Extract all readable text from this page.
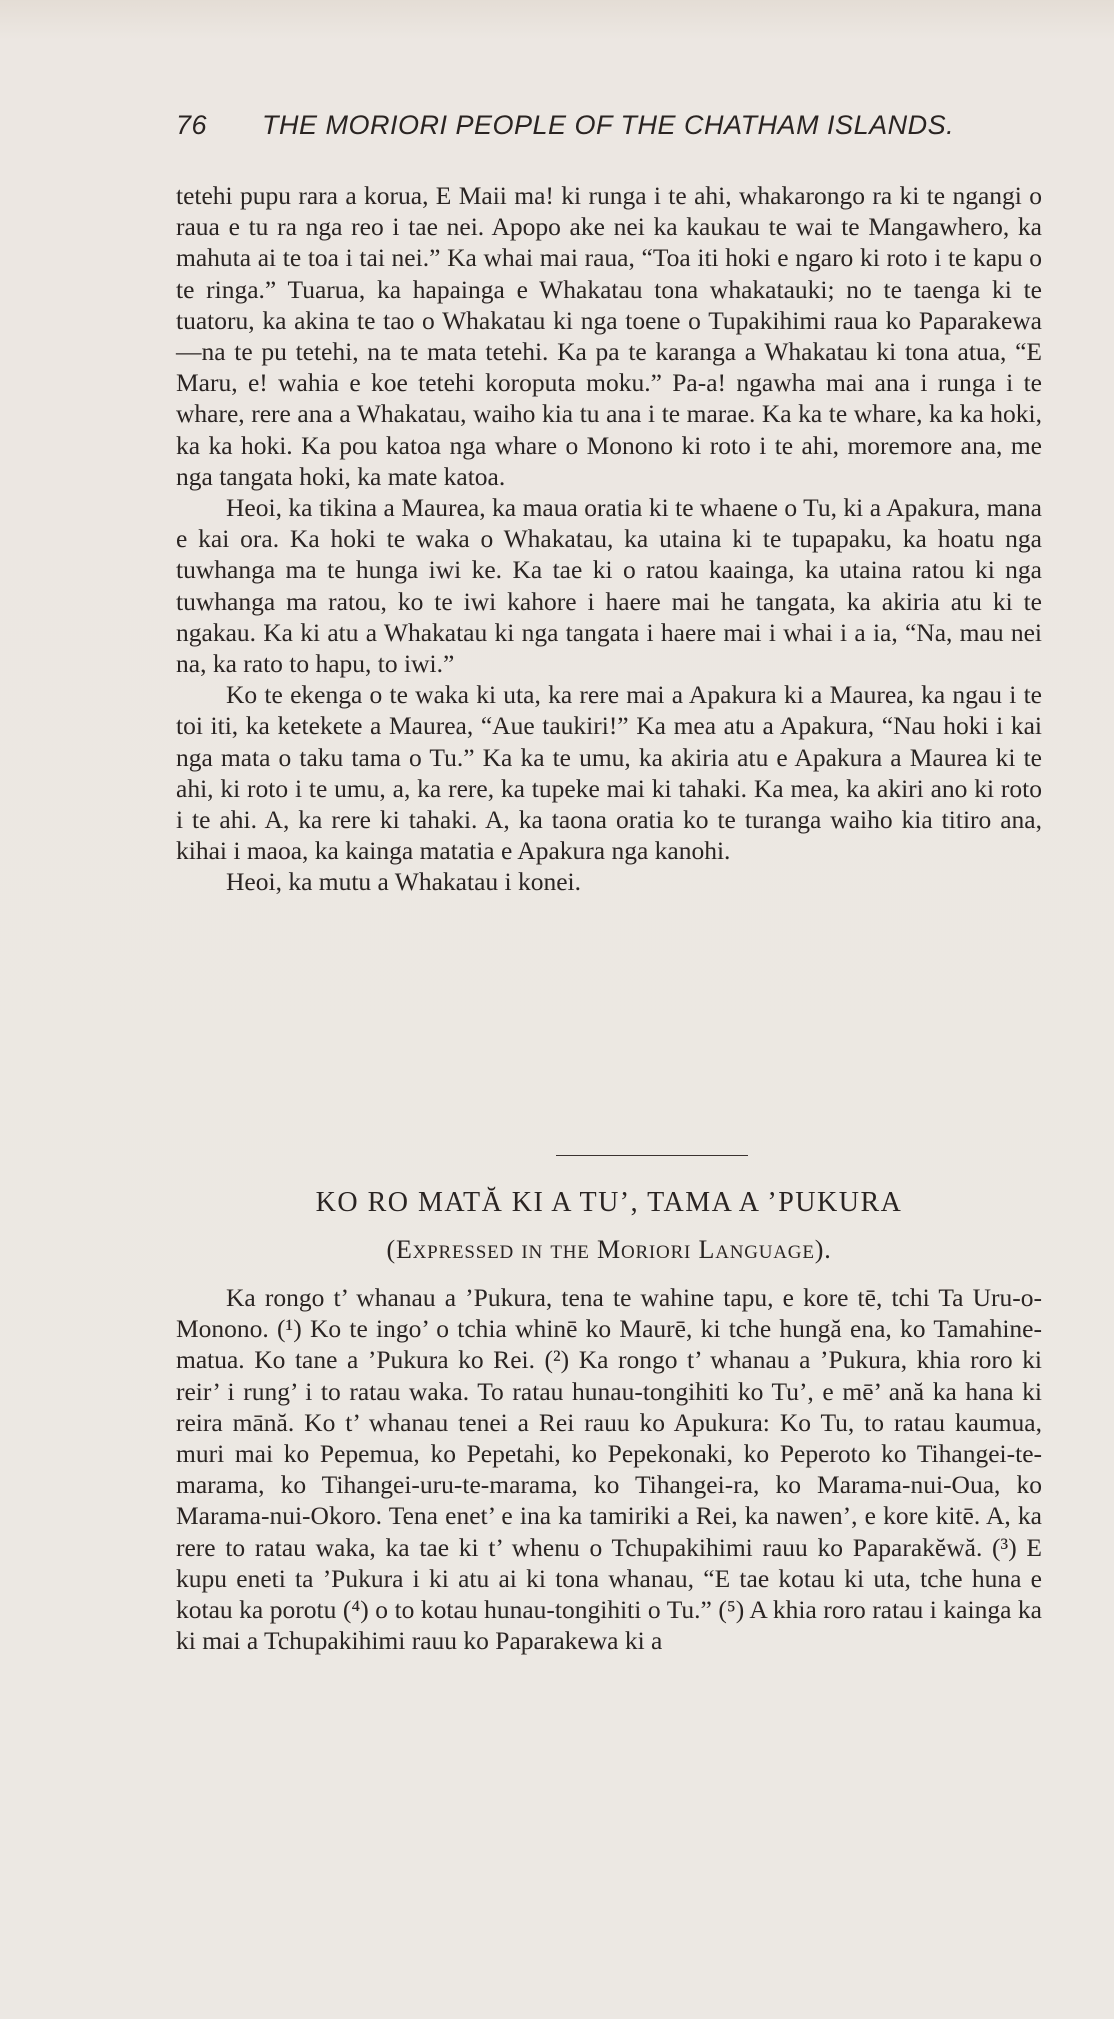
76 THE MORIORI PEOPLE OF THE CHATHAM ISLANDS.

tetehi pupu rara a korua, E Maii ma! ki runga i te ahi, whakarongo ra ki te ngangi o raua e tu ra nga reo i tae nei. Apopo ake nei ka kaukau te wai te Mangawhero, ka mahuta ai te toa i tai nei.” Ka whai mai raua, “Toa iti hoki e ngaro ki roto i te kapu o te ringa.” Tuarua, ka hapainga e Whakatau tona whakatauki; no te taenga ki te tuatoru, ka akina te tao o Whakatau ki nga toene o Tupakihimi raua ko Paparakewa—na te pu tetehi, na te mata tetehi. Ka pa te karanga a Whakatau ki tona atua, “E Maru, e! wahia e koe tetehi koroputa moku.” Pa-a! ngawha mai ana i runga i te whare, rere ana a Whakatau, waiho kia tu ana i te marae. Ka ka te whare, ka ka hoki, ka ka hoki. Ka pou katoa nga whare o Monono ki roto i te ahi, moremore ana, me nga tangata hoki, ka mate katoa.

Heoi, ka tikina a Maurea, ka maua oratia ki te whaene o Tu, ki a Apakura, mana e kai ora. Ka hoki te waka o Whakatau, ka utaina ki te tupapaku, ka hoatu nga tuwhanga ma te hunga iwi ke. Ka tae ki o ratou kaainga, ka utaina ratou ki nga tuwhanga ma ratou, ko te iwi kahore i haere mai he tangata, ka akiria atu ki te ngakau. Ka ki atu a Whakatau ki nga tangata i haere mai i whai i a ia, “Na, mau nei na, ka rato to hapu, to iwi.”

Ko te ekenga o te waka ki uta, ka rere mai a Apakura ki a Maurea, ka ngau i te toi iti, ka ketekete a Maurea, “Aue taukiri!” Ka mea atu a Apakura, “Nau hoki i kai nga mata o taku tama o Tu.” Ka ka te umu, ka akiria atu e Apakura a Maurea ki te ahi, ki roto i te umu, a, ka rere, ka tupeke mai ki tahaki. Ka mea, ka akiri ano ki roto i te ahi. A, ka rere ki tahaki. A, ka taona oratia ko te turanga waiho kia titiro ana, kihai i maoa, ka kainga matatia e Apakura nga kanohi.

Heoi, ka mutu a Whakatau i konei.

KO RO MATĂ KI A TU’, TAMA A ’PUKURA
(EXPRESSED IN THE MORIORI LANGUAGE).

Ka rongo t’ whanau a ’Pukura, tena te wahine tapu, e kore tē, tchi Ta Uru-o-Monono. (¹) Ko te ingo’ o tchia whinē ko Maurē, ki tche hungă ena, ko Tamahine-matua. Ko tane a ’Pukura ko Rei. (²) Ka rongo t’ whanau a ’Pukura, khia roro ki reir’ i rung’ i to ratau waka. To ratau hunau-tongihiti ko Tu’, e mē’ ană ka hana ki reira mānă. Ko t’ whanau tenei a Rei rauu ko Apukura: Ko Tu, to ratau kaumua, muri mai ko Pepemua, ko Pepetahi, ko Pepekonaki, ko Peperoto ko Tihangei-te-marama, ko Tihangei-uru-te-marama, ko Tihangei-ra, ko Marama-nui-Oua, ko Marama-nui-Okoro. Tena enet’ e ina ka tamiriki a Rei, ka nawen’, e kore kitē. A, ka rere to ratau waka, ka tae ki t’ whenu o Tchupakihimi rauu ko Paparakĕwă. (³) E kupu eneti ta ’Pukura i ki atu ai ki tona whanau, “E tae kotau ki uta, tche huna e kotau ka porotu (⁴) o to kotau hunau-tongihiti o Tu.” (⁵) A khia roro ratau i kainga ka ki mai a Tchupakihimi rauu ko Paparakewa ki a
